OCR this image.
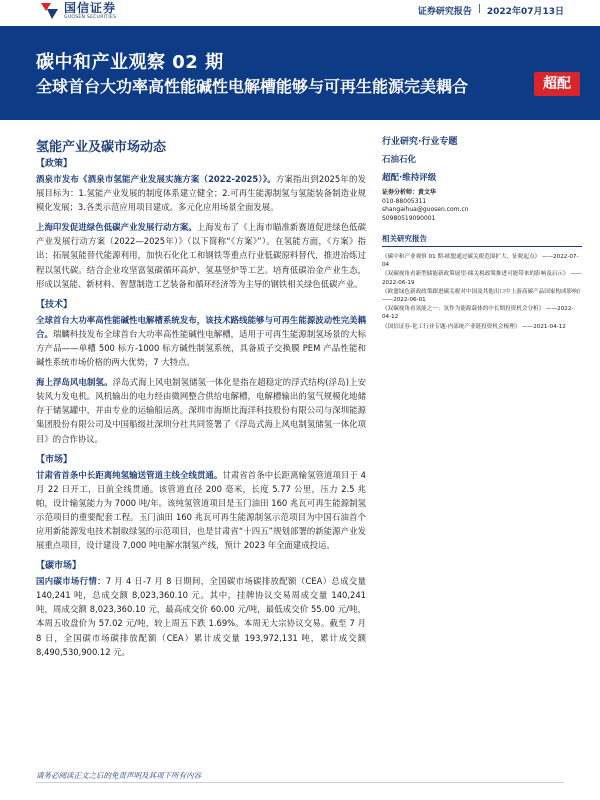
国信证券
GUOSEN SECURITIES
证券研究报告 | 2022年07月13日
碳中和产业观察 02 期
全球首台大功率高性能碱性电解槽能够与可再生能源完美耦合	超配
氢能产业及碳市场动态
【政策】
酒泉市发布《酒泉市氢能产业发展实施方案（2022-2025）》。方案指出到2025年的发展目标为：1.氢能产业发展的制度体系建立健全；2.可再生能源制氢与氢能装备制造业规模化发展；3.各类示范应用项目建成。多元化应用场景全面发展。
上海印发促进绿色低碳产业发展行动方案。上海发布了《上海市瞄准新赛道促进绿色低碳产业发展行动方案（2022—2025年）》（以下简称“《方案》”）。在氢能方面，《方案》指出：拓展氢能替代能源利用，加快石化化工和钢铁等重点行业低碳原料替代，推进冶炼过程以氢代碳。结合企业攻坚富氢碳循环高炉、氢基竖炉等工艺。培育低碳冶金产业生态，形成以氢能、新材料、智慧制造工艺装备和循环经济等为主导的钢铁相关绿色低碳产业。
【技术】
全球首台大功率高性能碱性电解槽系统发布，该技术路线能够与可再生能源波动性完美耦合。瑞麟科技发布全球首台大功率高性能碱性电解槽，适用于可再生能源制氢场景的大标方产品——单槽 500 标方-1000 标方碱性制氢系统，具备质子交换膜 PEM 产品性能和碱性系统市场价格的两大优势，7 大特点。
海上浮岛风电制氢。浮岛式海上风电制氢储氢一体化是指在超稳定的浮式结构(浮岛)上安装风力发电机。风机输出的电力经由微网整合供给电解槽，电解槽输出的氢气规模化地储存于储氢罐中，并由专业的运输船运离。深圳市海斯比海洋科技股份有限公司与深圳能源集团股份有限公司及中国船级社深圳分社共同签署了《浮岛式海上风电制氢储氢一体化项目》的合作协议。
【市场】
甘肃省首条中长距离纯氢输送管道主线全线贯通。甘肃省首条中长距离输氢管道项目于 4 月 22 日开工，日前全线贯通。该管道直径 200 毫米，长度 5.77 公里，压力 2.5 兆帕，设计输氢能力为 7000 吨/年。该纯氢管道项目是玉门油田 160 兆瓦可再生能源制氢示范项目的重要配套工程。玉门油田 160 兆瓦可再生能源制氢示范项目为中国石油首个应用新能源发电技术制取绿氢的示范项目，也是甘肃省“十四五”规划部署的新能源产业发展重点项目，设计建设 7,000 吨电解水制氢产线，预计 2023 年全面建成投运。
【碳市场】
国内碳市场行情：7 月 4 日-7 月 8 日期间，全国碳市场碳排放配额（CEA）总成交量 140,241 吨，总成交额 8,023,360.10 元。其中，挂牌协议交易周成交量 140,241 吨，周成交额 8,023,360.10 元，最高成交价 60.00 元/吨，最低成交价 55.00 元/吨，本周五收盘价为 57.02 元/吨，较上周五下跌 1.69%。本周无大宗协议交易。截至 7 月 8 日，全国碳市场碳排放配额（CEA）累计成交量 193,972,131 吨，累计成交额 8,490,530,900.12 元。
行业研究·行业专题
石油石化
超配·维持评级
证券分析师：黄文华
010-88005311
shangaihua@guosen.com.cn
S0980519090001
相关研究报告
《碳中和产业观察 01 期-欧盟通过碳关税范围扩大、征税起点》 ——2022-07-04
《双碳视角看新型储能新政策展望-储关税政策推进可能带来的影响及启示》 ——2022-06-19
《欧盟绿色新政政策跟进碳关税对中国及其他出口中上游高碳产品国家构成影响》——2022-06-01
《双碳视角看氢能之一：氢作为能源载体的中长期投资机会分析》 ——2022-04-12
《国信证券-化工行业专题-内部统产业链投资机会梳理》 ——2021-04-12
请务必阅读正文之后的免责声明及其项下所有内容
